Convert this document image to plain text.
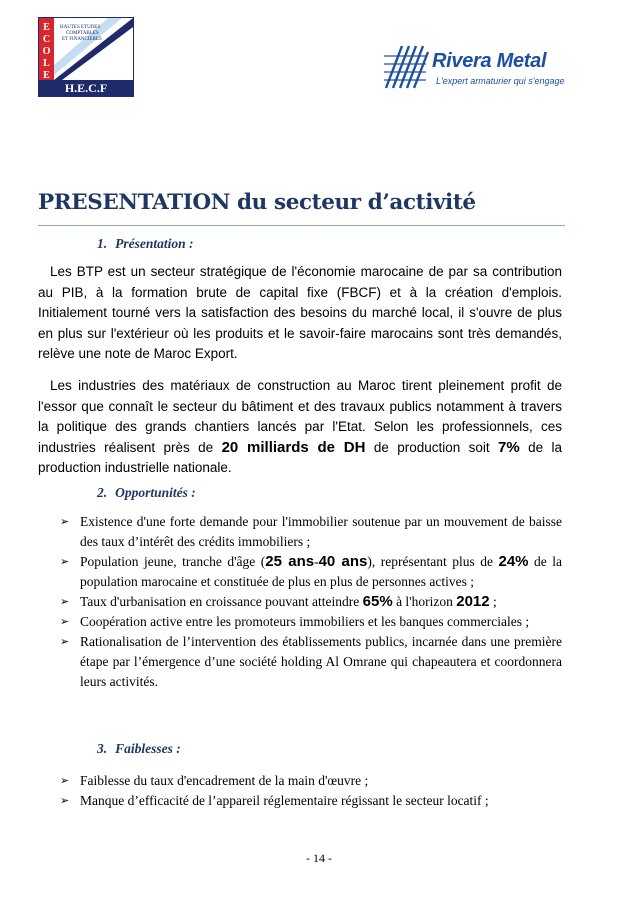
E
C
O
L
E
HAUTES ETUDES
COMPTABLES
ET FINANCIERES
H.E.C.F
Rivera Metal
L'expert armaturier qui s'engage
PRESENTATION du secteur d’activité
1. Présentation :

Les BTP est un secteur stratégique de l'économie marocaine de par sa contribution au PIB, à la formation brute de capital fixe (FBCF) et à la création d'emplois. Initialement tourné vers la satisfaction des besoins du marché local, il s'ouvre de plus en plus sur l'extérieur où les produits et le savoir-faire marocains sont très demandés, relève une note de Maroc Export.

Les industries des matériaux de construction au Maroc tirent pleinement profit de l'essor que connaît le secteur du bâtiment et des travaux publics notamment à travers la politique des grands chantiers lancés par l'Etat. Selon les professionnels, ces industries réalisent près de 20 milliards de DH de production soit 7% de la production industrielle nationale.

2. Opportunités :
➢ Existence d'une forte demande pour l'immobilier soutenue par un mouvement de baisse des taux d’intérêt des crédits immobiliers ;
➢ Population jeune, tranche d'âge (25 ans-40 ans), représentant plus de 24% de la population marocaine et constituée de plus en plus de personnes actives ;
➢ Taux d'urbanisation en croissance pouvant atteindre 65% à l'horizon 2012 ;
➢ Coopération active entre les promoteurs immobiliers et les banques commerciales ;
➢ Rationalisation de l’intervention des établissements publics, incarnée dans une première étape par l’émergence d’une société holding Al Omrane qui chapeautera et coordonnera leurs activités.
3. Faiblesses :
➢ Faiblesse du taux d'encadrement de la main d'œuvre ;
➢ Manque d’efficacité de l’appareil réglementaire régissant le secteur locatif ;
- 14 -
